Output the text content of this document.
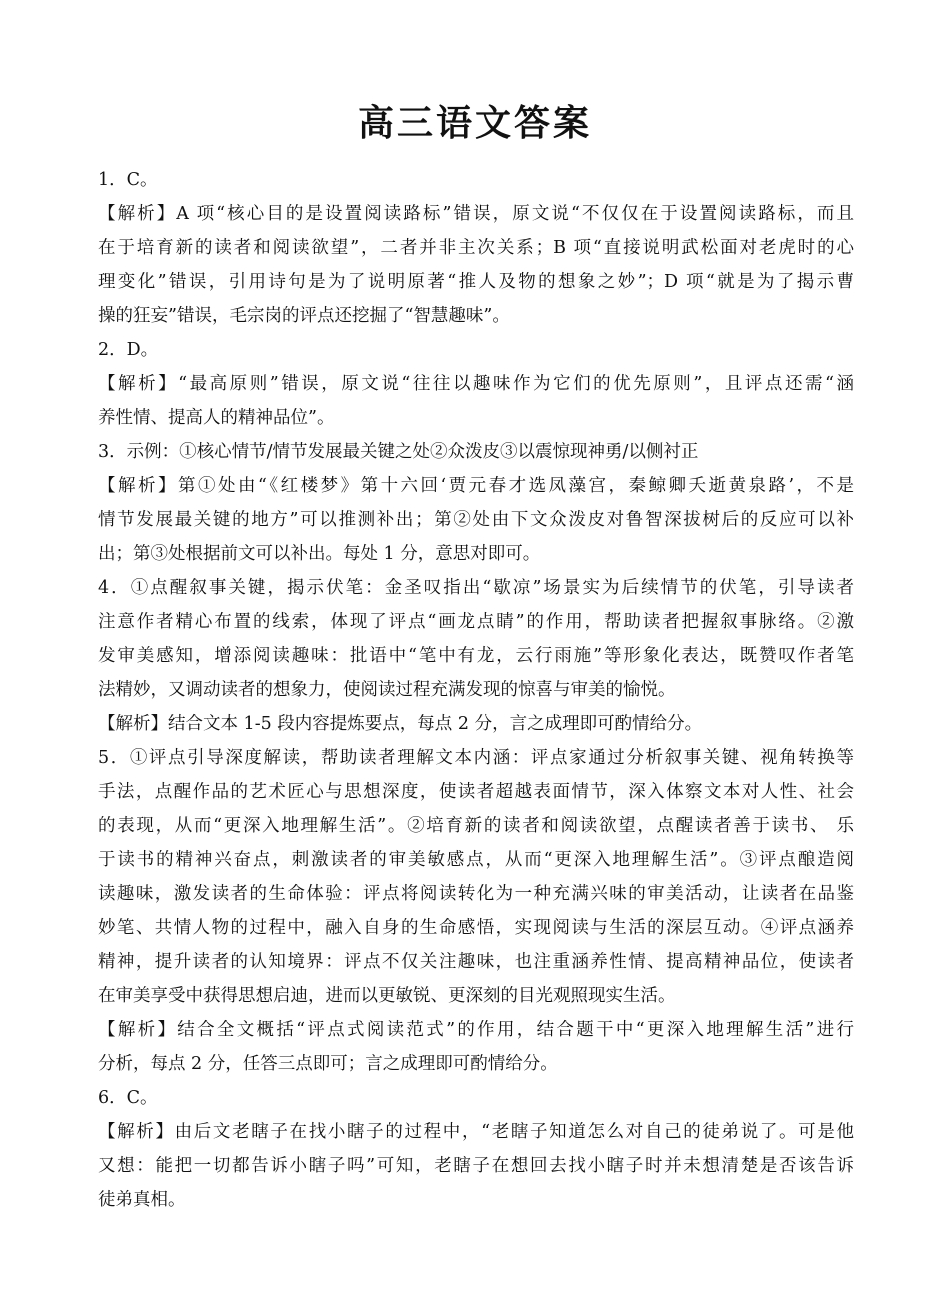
高三语文答案
1．C。
【解析】A 项“核心目的是设置阅读路标”错误，原文说“不仅仅在于设置阅读路标，而且
在于培育新的读者和阅读欲望”，二者并非主次关系；B 项“直接说明武松面对老虎时的心
理变化”错误，引用诗句是为了说明原著“推人及物的想象之妙”；D 项“就是为了揭示曹
操的狂妄”错误，毛宗岗的评点还挖掘了“智慧趣味”。
2．D。
【解析】“最高原则”错误，原文说“往往以趣味作为它们的优先原则”，且评点还需“涵
养性情、提高人的精神品位”。
3．示例：①核心情节/情节发展最关键之处②众泼皮③以震惊现神勇/以侧衬正
【解析】第①处由“《红楼梦》第十六回‘贾元春才选凤藻宫，秦鲸卿夭逝黄泉路’，不是
情节发展最关键的地方”可以推测补出；第②处由下文众泼皮对鲁智深拔树后的反应可以补
出；第③处根据前文可以补出。每处 1 分，意思对即可。
4．①点醒叙事关键，揭示伏笔：金圣叹指出“歇凉”场景实为后续情节的伏笔，引导读者
注意作者精心布置的线索，体现了评点“画龙点睛”的作用，帮助读者把握叙事脉络。②激
发审美感知，增添阅读趣味：批语中“笔中有龙，云行雨施”等形象化表达，既赞叹作者笔
法精妙，又调动读者的想象力，使阅读过程充满发现的惊喜与审美的愉悦。
【解析】结合文本 1-5 段内容提炼要点，每点 2 分，言之成理即可酌情给分。
5．①评点引导深度解读，帮助读者理解文本内涵：评点家通过分析叙事关键、视角转换等
手法，点醒作品的艺术匠心与思想深度，使读者超越表面情节，深入体察文本对人性、社会
的表现，从而“更深入地理解生活”。②培育新的读者和阅读欲望，点醒读者善于读书、 乐
于读书的精神兴奋点，刺激读者的审美敏感点，从而“更深入地理解生活”。③评点酿造阅
读趣味，激发读者的生命体验：评点将阅读转化为一种充满兴味的审美活动，让读者在品鉴
妙笔、共情人物的过程中，融入自身的生命感悟，实现阅读与生活的深层互动。④评点涵养
精神，提升读者的认知境界：评点不仅关注趣味，也注重涵养性情、提高精神品位，使读者
在审美享受中获得思想启迪，进而以更敏锐、更深刻的目光观照现实生活。
【解析】结合全文概括“评点式阅读范式”的作用，结合题干中“更深入地理解生活”进行
分析，每点 2 分，任答三点即可；言之成理即可酌情给分。
6．C。
【解析】由后文老瞎子在找小瞎子的过程中，“老瞎子知道怎么对自己的徒弟说了。可是他
又想：能把一切都告诉小瞎子吗”可知，老瞎子在想回去找小瞎子时并未想清楚是否该告诉
徒弟真相。
